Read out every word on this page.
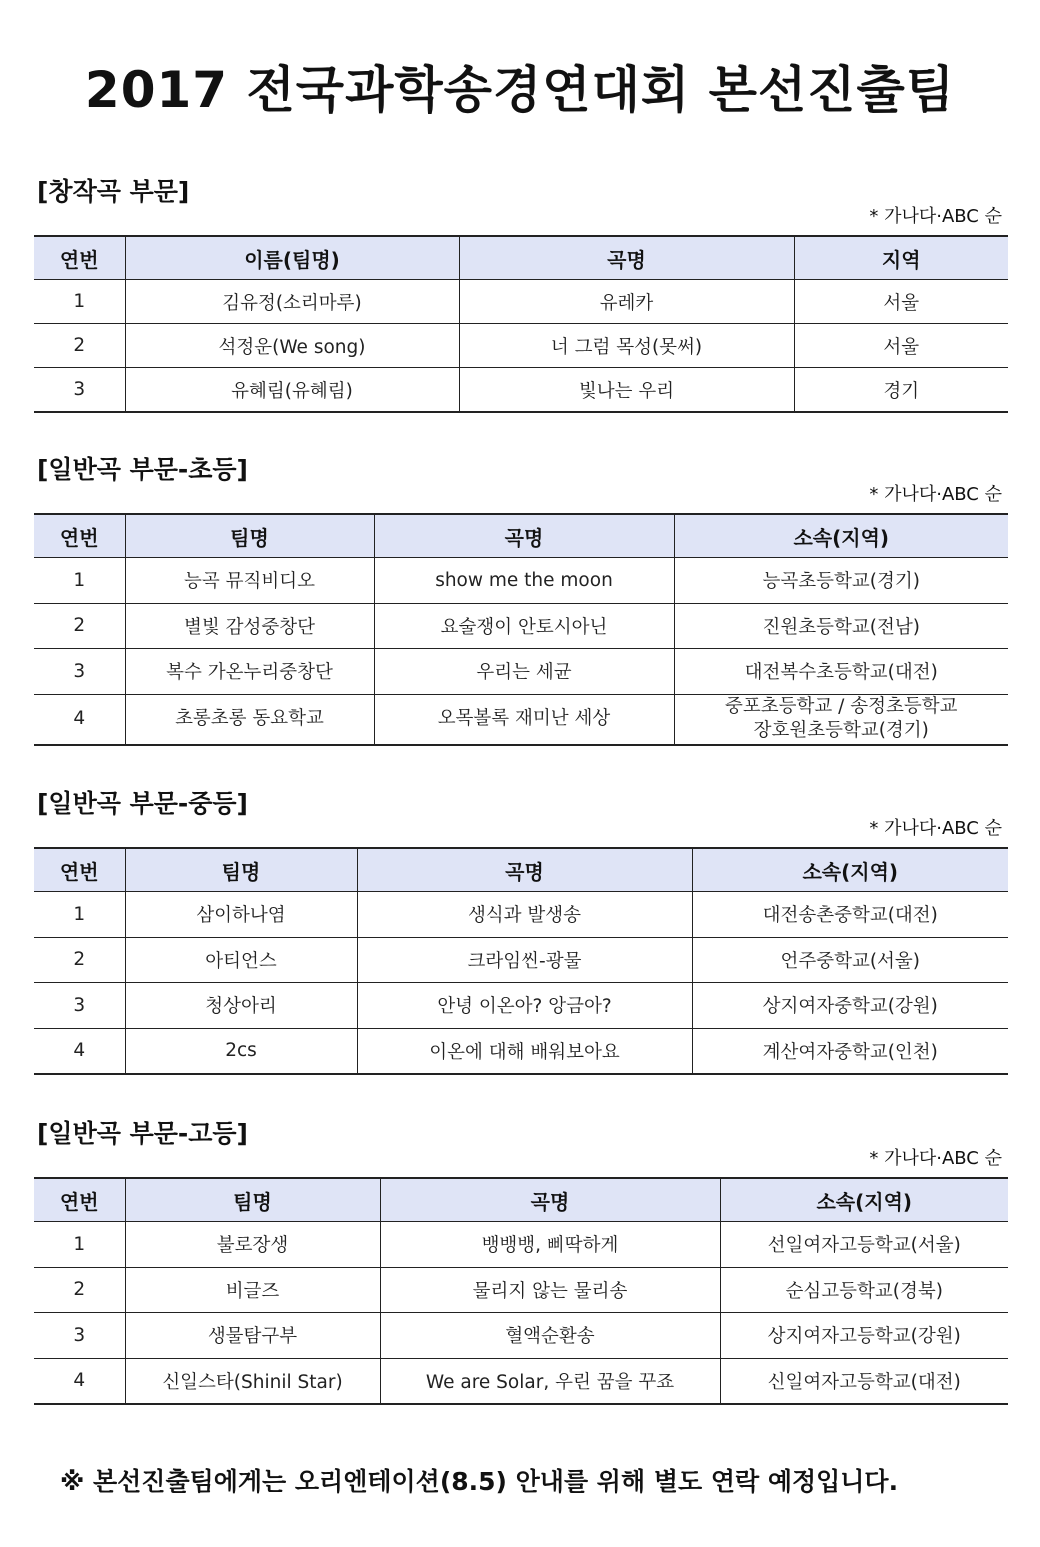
2017 전국과학송경연대회 본선진출팀
[창작곡 부문]
* 가나다·ABC 순
연번	이름(팀명)	곡명	지역
1	김유정(소리마루)	유레카	서울
2	석정운(We song)	너 그럼 목성(못써)	서울
3	유혜림(유혜림)	빛나는 우리	경기
[일반곡 부문-초등]
* 가나다·ABC 순
연번	팀명	곡명	소속(지역)
1	능곡 뮤직비디오	show me the moon	능곡초등학교(경기)
2	별빛 감성중창단	요술쟁이 안토시아닌	진원초등학교(전남)
3	복수 가온누리중창단	우리는 세균	대전복수초등학교(대전)
4	초롱초롱 동요학교	오목볼록 재미난 세상	중포초등학교 / 송정초등학교
장호원초등학교(경기)
[일반곡 부문-중등]
* 가나다·ABC 순
연번	팀명	곡명	소속(지역)
1	삼이하나염	생식과 발생송	대전송촌중학교(대전)
2	아티언스	크라임씬-광물	언주중학교(서울)
3	청상아리	안녕 이온아? 앙금아?	상지여자중학교(강원)
4	2cs	이온에 대해 배워보아요	계산여자중학교(인천)
[일반곡 부문-고등]
* 가나다·ABC 순
연번	팀명	곡명	소속(지역)
1	불로장생	뱅뱅뱅, 삐딱하게	선일여자고등학교(서울)
2	비글즈	물리지 않는 물리송	순심고등학교(경북)
3	생물탐구부	혈액순환송	상지여자고등학교(강원)
4	신일스타(Shinil Star)	We are Solar, 우린 꿈을 꾸죠	신일여자고등학교(대전)

※ 본선진출팀에게는 오리엔테이션(8.5) 안내를 위해 별도 연락 예정입니다.
